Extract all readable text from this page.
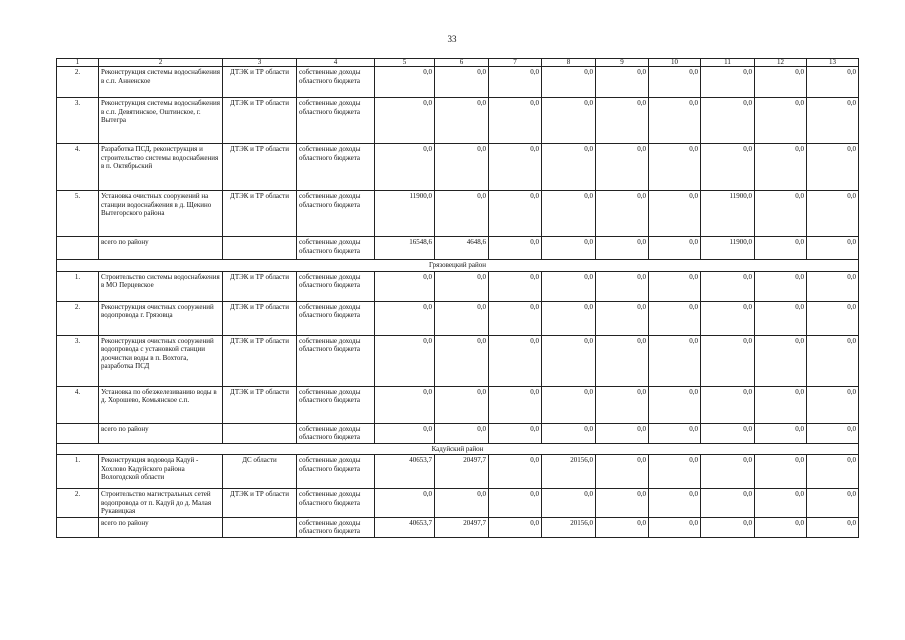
33
1	2	3	4	5	6	7	8	9	10	11	12	13
2.	Реконструкция системы водоснабжения в с.п. Анненское	ДТЭК и ТР области	собственные доходы областного бюджета	0,0	0,0	0,0	0,0	0,0	0,0	0,0	0,0	0,0
3.	Реконструкция системы водоснабжения в с.п. Девятинское, Оштинское, г. Вытегра	ДТЭК и ТР области	собственные доходы областного бюджета	0,0	0,0	0,0	0,0	0,0	0,0	0,0	0,0	0,0
4.	Разработка ПСД, реконструкция и строительство системы водоснабжения в п. Октябрьский	ДТЭК и ТР области	собственные доходы областного бюджета	0,0	0,0	0,0	0,0	0,0	0,0	0,0	0,0	0,0
5.	Установка очистных сооружений на станции водоснабжения в д. Щекино Вытегорского района	ДТЭК и ТР области	собственные доходы областного бюджета	11900,0	0,0	0,0	0,0	0,0	0,0	11900,0	0,0	0,0
	всего по району		собственные доходы областного бюджета	16548,6	4648,6	0,0	0,0	0,0	0,0	11900,0	0,0	0,0
Грязовецкий район												
1.	Строительство системы водоснабжения в МО Перцевское	ДТЭК и ТР области	собственные доходы областного бюджета	0,0	0,0	0,0	0,0	0,0	0,0	0,0	0,0	0,0
2.	Реконструкция очистных сооружений водопровода г. Грязовца	ДТЭК и ТР области	собственные доходы областного бюджета	0,0	0,0	0,0	0,0	0,0	0,0	0,0	0,0	0,0
3.	Реконструкция очистных сооружений водопровода с установкой станции доочистки воды в п. Вохтога, разработка ПСД	ДТЭК и ТР области	собственные доходы областного бюджета	0,0	0,0	0,0	0,0	0,0	0,0	0,0	0,0	0,0
4.	Установка по обезжелезиванию воды в д. Хорошево, Комьянское с.п.	ДТЭК и ТР области	собственные доходы областного бюджета	0,0	0,0	0,0	0,0	0,0	0,0	0,0	0,0	0,0
	всего по району		собственные доходы областного бюджета	0,0	0,0	0,0	0,0	0,0	0,0	0,0	0,0	0,0
Кадуйский район												
1.	Реконструкция водовода Кадуй - Хохлово Кадуйского района Вологодской области	ДС области	собственные доходы областного бюджета	40653,7	20497,7	0,0	20156,0	0,0	0,0	0,0	0,0	0,0
2.	Строительство магистральных сетей водопровода от п. Кадуй до д. Малая Рукавицкая	ДТЭК и ТР области	собственные доходы областного бюджета	0,0	0,0	0,0	0,0	0,0	0,0	0,0	0,0	0,0
	всего по району		собственные доходы областного бюджета	40653,7	20497,7	0,0	20156,0	0,0	0,0	0,0	0,0	0,0
